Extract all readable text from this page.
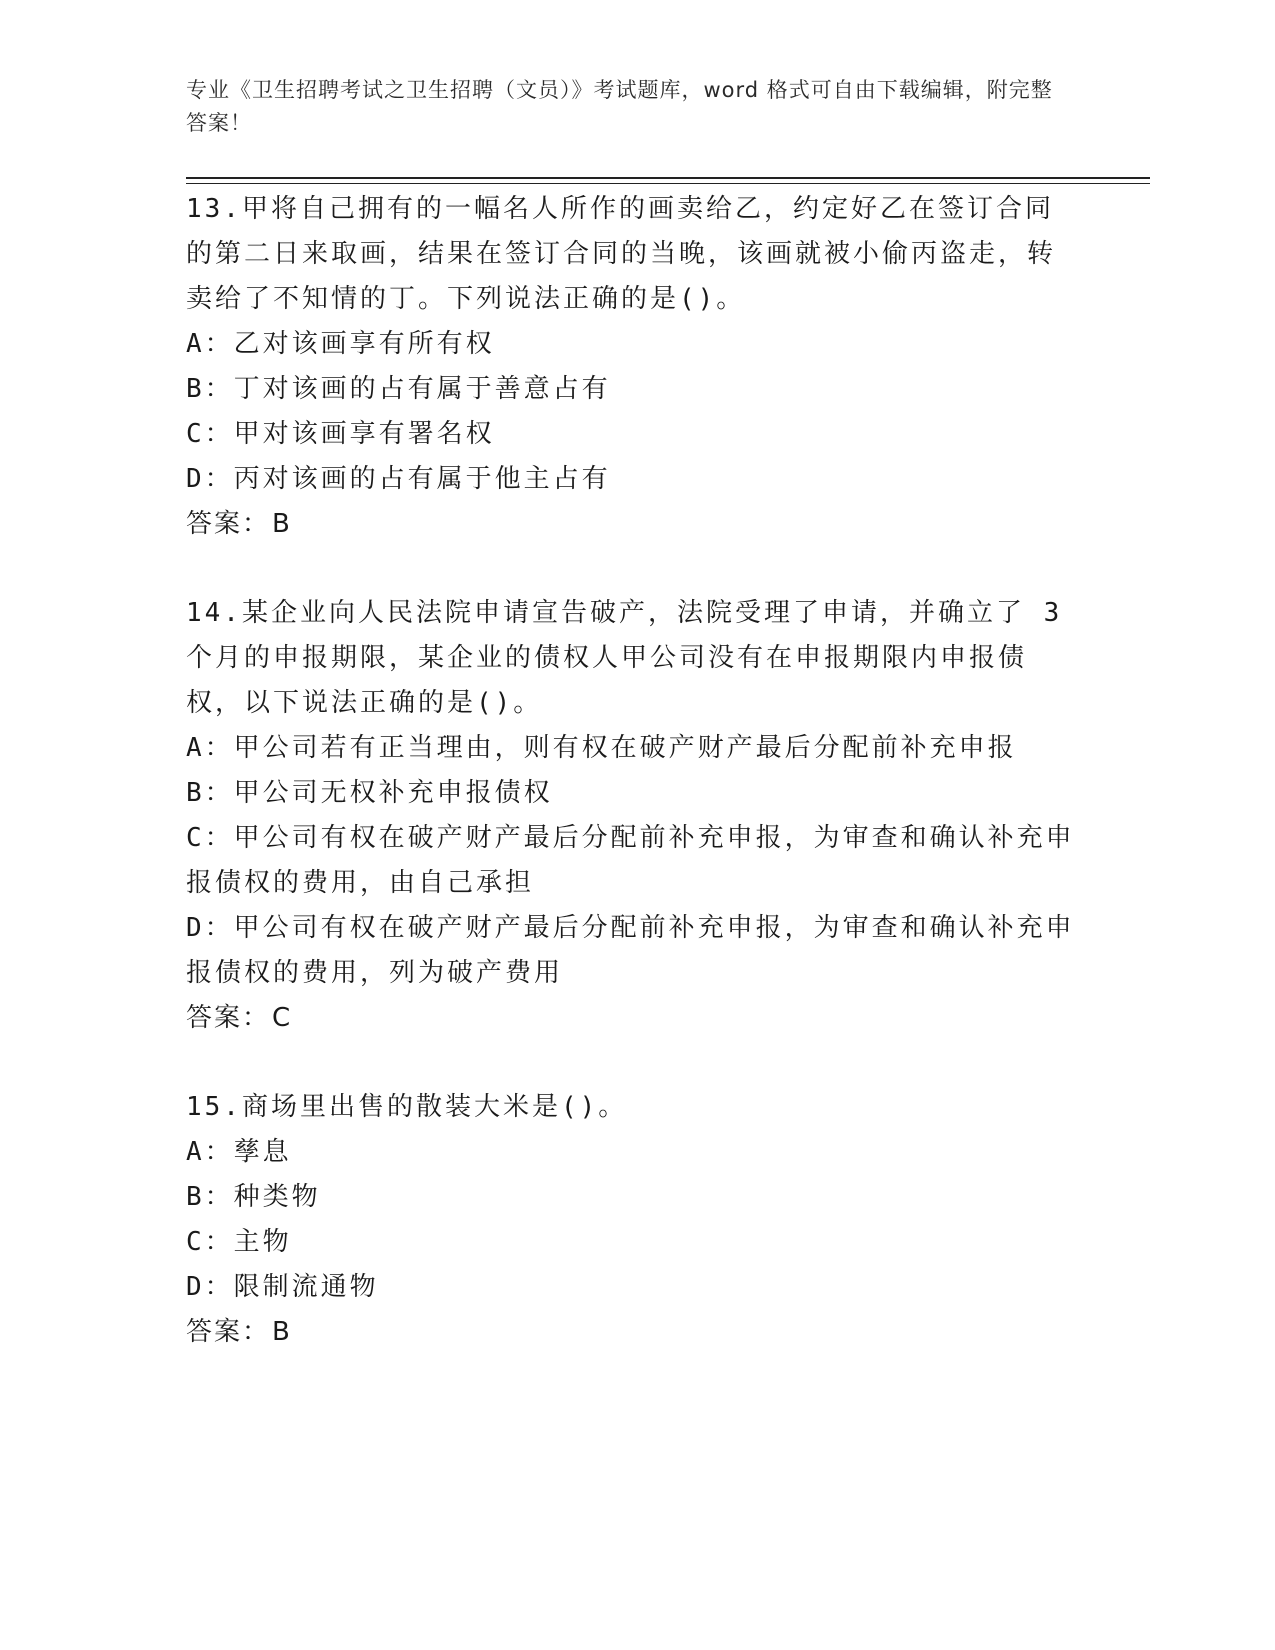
专业《卫生招聘考试之卫生招聘（文员）》考试题库，word 格式可自由下载编辑，附完整答案！
13.甲将自己拥有的一幅名人所作的画卖给乙，约定好乙在签订合同的第二日来取画，结果在签订合同的当晚，该画就被小偷丙盗走，转卖给了不知情的丁。下列说法正确的是()。
A：乙对该画享有所有权
B：丁对该画的占有属于善意占有
C：甲对该画享有署名权
D：丙对该画的占有属于他主占有
答案：B
14.某企业向人民法院申请宣告破产，法院受理了申请，并确立了 3 个月的申报期限，某企业的债权人甲公司没有在申报期限内申报债权，以下说法正确的是()。
A：甲公司若有正当理由，则有权在破产财产最后分配前补充申报
B：甲公司无权补充申报债权
C：甲公司有权在破产财产最后分配前补充申报，为审查和确认补充申报债权的费用，由自己承担
D：甲公司有权在破产财产最后分配前补充申报，为审查和确认补充申报债权的费用，列为破产费用
答案：C
15.商场里出售的散装大米是()。
A：孳息
B：种类物
C：主物
D：限制流通物
答案：B
